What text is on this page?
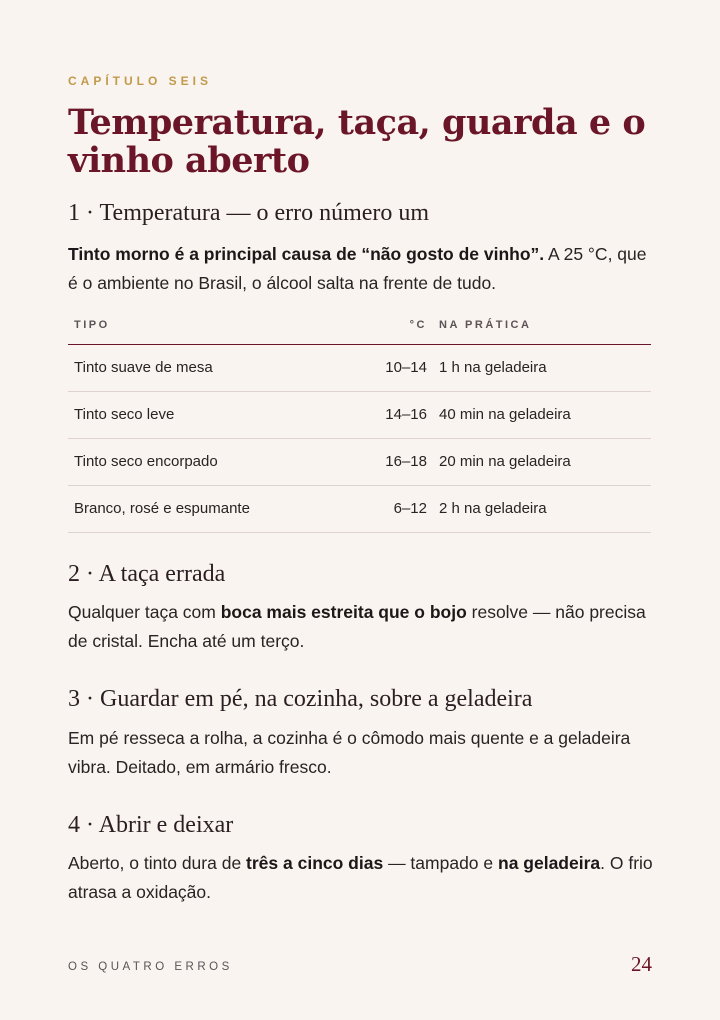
CAPÍTULO SEIS
Temperatura, taça, guarda e o vinho aberto
1 · Temperatura — o erro número um

Tinto morno é a principal causa de “não gosto de vinho”. A 25 °C, que é o ambiente no Brasil, o álcool salta na frente de tudo.

TIPO	°C NA PRÁTICA
Tinto suave de mesa	10–14 1 h na geladeira
Tinto seco leve	14–16 40 min na geladeira
Tinto seco encorpado	16–18 20 min na geladeira
Branco, rosé e espumante	6–12 2 h na geladeira
2 · A taça errada

Qualquer taça com boca mais estreita que o bojo resolve — não precisa de cristal. Encha até um terço.

3 · Guardar em pé, na cozinha, sobre a geladeira

Em pé resseca a rolha, a cozinha é o cômodo mais quente e a geladeira vibra. Deitado, em armário fresco.

4 · Abrir e deixar

Aberto, o tinto dura de três a cinco dias — tampado e na geladeira. O frio atrasa a oxidação.

OS QUATRO ERROS	24
